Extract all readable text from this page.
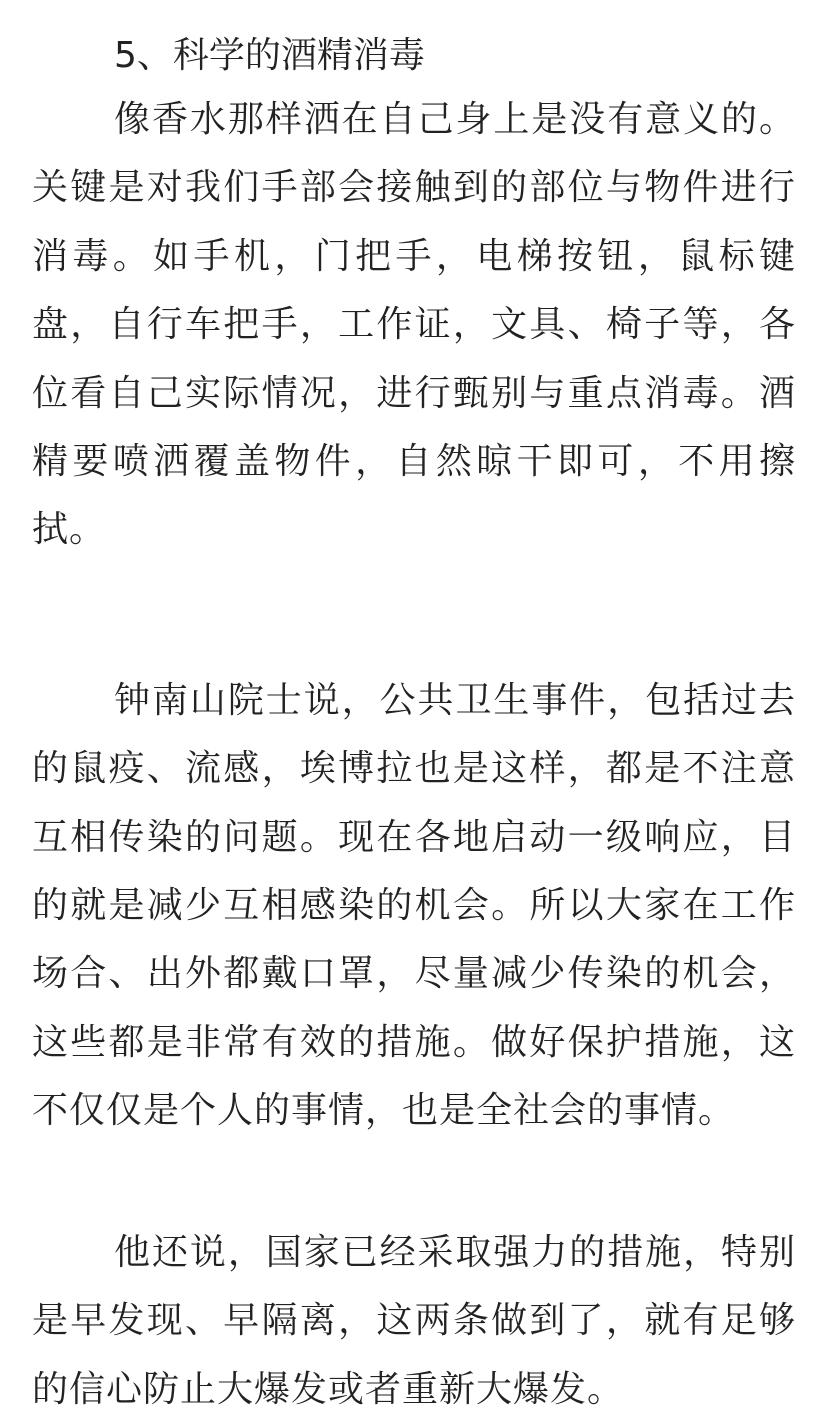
5、科学的酒精消毒

像香水那样洒在自己身上是没有意义的。关键是对我们手部会接触到的部位与物件进行消毒。如手机，门把手，电梯按钮，鼠标键盘，自行车把手，工作证，文具、椅子等，各位看自己实际情况，进行甄别与重点消毒。酒精要喷洒覆盖物件，自然晾干即可，不用擦拭。

钟南山院士说，公共卫生事件，包括过去的鼠疫、流感，埃博拉也是这样，都是不注意互相传染的问题。现在各地启动一级响应，目的就是减少互相感染的机会。所以大家在工作场合、出外都戴口罩，尽量减少传染的机会，这些都是非常有效的措施。做好保护措施，这不仅仅是个人的事情，也是全社会的事情。

他还说，国家已经采取强力的措施，特别是早发现、早隔离，这两条做到了，就有足够的信心防止大爆发或者重新大爆发。
